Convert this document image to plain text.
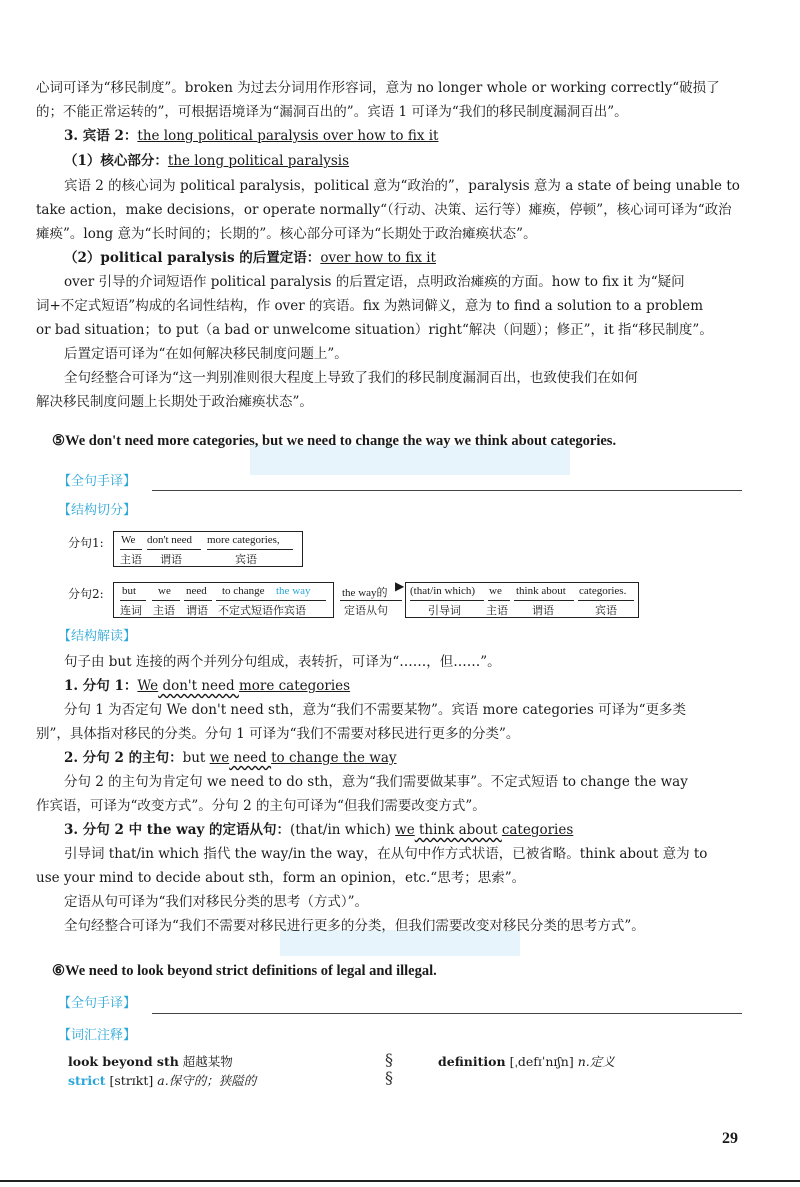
心词可译为“移民制度”。broken 为过去分词用作形容词，意为 no longer whole or working correctly“破损了
的；不能正常运转的”，可根据语境译为“漏洞百出的”。宾语 1 可译为“我们的移民制度漏洞百出”。
3. 宾语 2：the long political paralysis over how to fix it
（1）核心部分：the long political paralysis
宾语 2 的核心词为 political paralysis，political 意为“政治的”，paralysis 意为 a state of being unable to
take action，make decisions，or operate normally“（行动、决策、运行等）瘫痪，停顿”，核心词可译为“政治
瘫痪”。long 意为“长时间的；长期的”。核心部分可译为“长期处于政治瘫痪状态”。
（2）political paralysis 的后置定语：over how to fix it
over 引导的介词短语作 political paralysis 的后置定语，点明政治瘫痪的方面。how to fix it 为“疑问
词+不定式短语”构成的名词性结构，作 over 的宾语。fix 为熟词僻义，意为 to find a solution to a problem
or bad situation；to put（a bad or unwelcome situation）right“解决（问题）；修正”，it 指“移民制度”。
后置定语可译为“在如何解决移民制度问题上”。
全句经整合可译为“这一判别准则很大程度上导致了我们的移民制度漏洞百出，也致使我们在如何
解决移民制度问题上长期处于政治瘫痪状态”。
⑤We don't need more categories, but we need to change the way we think about categories.
【全句手译】
【结构切分】
分句1: We don't need more categories,
主语 谓语	宾语
分句2: but we need to change the way
连词 主语 谓语 不定式短语作宾语
the way的
定语从句
▶ (that/in which) we think about categories.
引导词 主语 谓语	宾语
【结构解读】
句子由 but 连接的两个并列分句组成，表转折，可译为“……，但……”。
1. 分句 1：We don't need more categories
分句 1 为否定句 We don't need sth，意为“我们不需要某物”。宾语 more categories 可译为“更多类
别”，具体指对移民的分类。分句 1 可译为“我们不需要对移民进行更多的分类”。
2. 分句 2 的主句：but we need to change the way
分句 2 的主句为肯定句 we need to do sth，意为“我们需要做某事”。不定式短语 to change the way
作宾语，可译为“改变方式”。分句 2 的主句可译为“但我们需要改变方式”。
3. 分句 2 中 the way 的定语从句：(that/in which) we think about categories
引导词 that/in which 指代 the way/in the way，在从句中作方式状语，已被省略。think about 意为 to
use your mind to decide about sth，form an opinion，etc.“思考；思索”。
定语从句可译为“我们对移民分类的思考（方式）”。
全句经整合可译为“我们不需要对移民进行更多的分类，但我们需要改变对移民分类的思考方式”。
⑥We need to look beyond strict definitions of legal and illegal.
【全句手译】
【词汇注释】
look beyond sth 超越某物
strict [strɪkt] a.保守的；狭隘的
§
§
definition [ˌdefɪˈnɪʃn] n.定义
29
